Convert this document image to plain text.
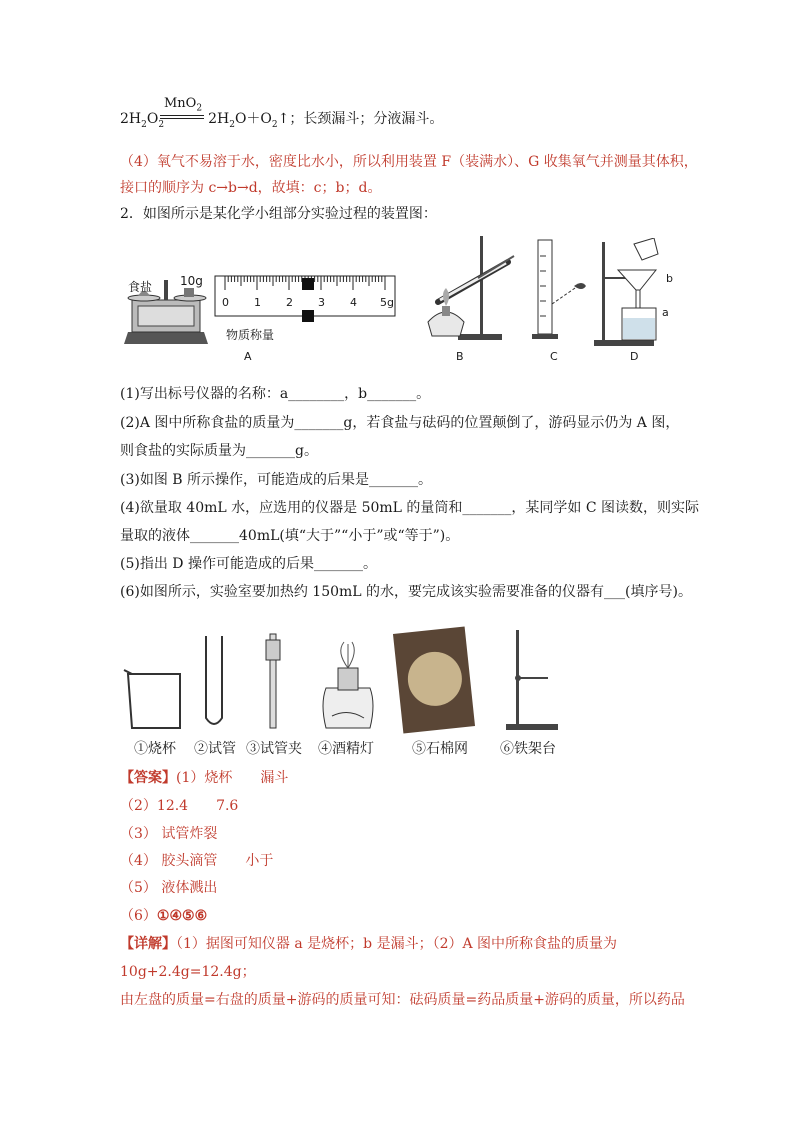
MnO$_2$
$2H_2O_2$	$2H_2O+O_2↑$；长颈漏斗；分液漏斗。
（4）氧气不易溶于水，密度比水小，所以利用装置 F（装满水）、G 收集氧气并测量其体积，
接口的顺序为 c→b→d，故填：c；b；d。
2．如图所示是某化学小组部分实验过程的装置图：
食盐 10g
0 1 2 3 4 5g
物质称量
A	B	C
b
a
D
(1)写出标号仪器的名称：a________，b_______。
(2)A 图中所称食盐的质量为_______g，若食盐与砝码的位置颠倒了，游码显示仍为 A 图，
则食盐的实际质量为_______g。
(3)如图 B 所示操作，可能造成的后果是_______。
(4)欲量取 40mL 水，应选用的仪器是 50mL 的量筒和_______，某同学如 C 图读数，则实际
量取的液体_______40mL(填“大于”“小于”或“等于”)。
(5)指出 D 操作可能造成的后果_______。
(6)如图所示，实验室要加热约 150mL 的水，要完成该实验需要准备的仪器有___(填序号)。
①烧杯 ②试管 ③试管夹 ④酒精灯	⑤石棉网 ⑥铁架台
【答案】(1）烧杯　　漏斗
（2）12.4　　7.6
（3） 试管炸裂
（4） 胶头滴管　　小于
（5） 液体溅出
（6）①④⑤⑥
【详解】（1）据图可知仪器 a 是烧杯；b 是漏斗；（2）A 图中所称食盐的质量为
10g+2.4g=12.4g；
由左盘的质量=右盘的质量+游码的质量可知：砝码质量=药品质量+游码的质量，所以药品
